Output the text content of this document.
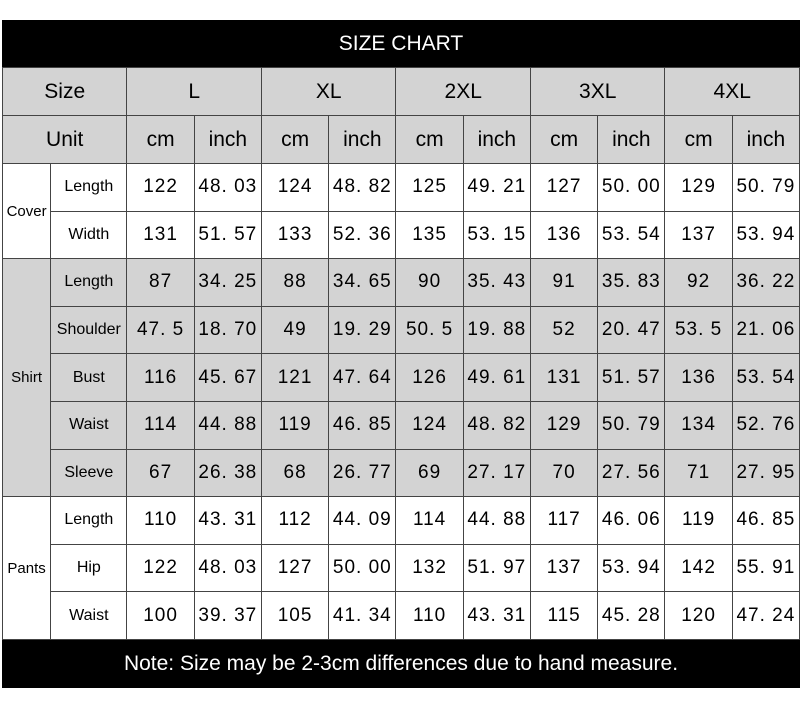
SIZE CHART
Size		L		XL		2XL		3XL		4XL	
Unit		cm	inch	cm	inch	cm	inch	cm	inch	cm	inch
Cover	Length	122	48. 03	124	48. 82	125	49. 21	127	50. 00	129	50. 79
	Width	131	51. 57	133	52. 36	135	53. 15	136	53. 54	137	53. 94
Shirt	Length	87	34. 25	88	34. 65	90	35. 43	91	35. 83	92	36. 22
	Shoulder	47. 5	18. 70	49	19. 29	50. 5	19. 88	52	20. 47	53. 5	21. 06
	Bust	116	45. 67	121	47. 64	126	49. 61	131	51. 57	136	53. 54
	Waist	114	44. 88	119	46. 85	124	48. 82	129	50. 79	134	52. 76
	Sleeve	67	26. 38	68	26. 77	69	27. 17	70	27. 56	71	27. 95
Pants	Length	110	43. 31	112	44. 09	114	44. 88	117	46. 06	119	46. 85
	Hip	122	48. 03	127	50. 00	132	51. 97	137	53. 94	142	55. 91
	Waist	100	39. 37	105	41. 34	110	43. 31	115	45. 28	120	47. 24
Note: Size may be 2-3cm differences due to hand measure.
